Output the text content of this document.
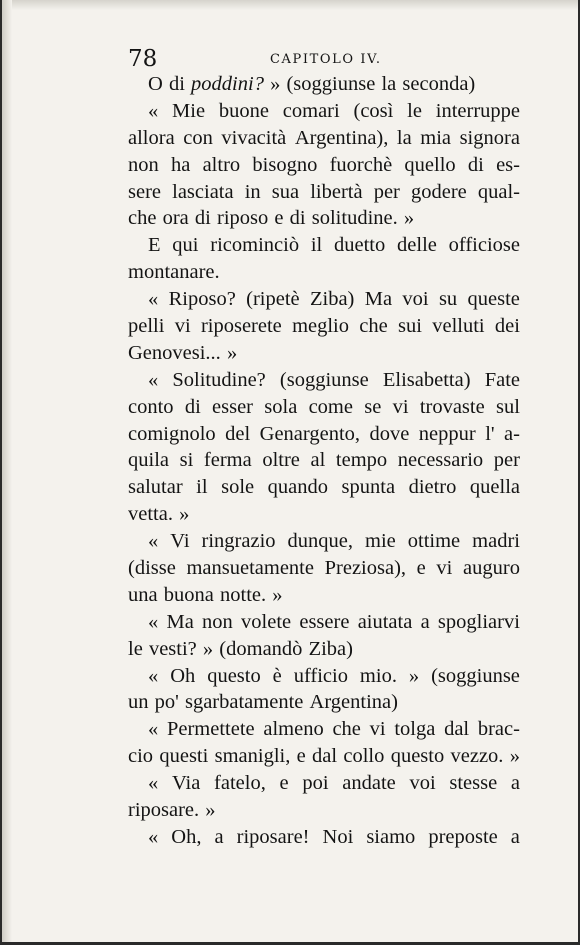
78	CAPITOLO IV.
O di poddini? » (soggiunse la seconda)
« Mie buone comari (così le interruppe
allora con vivacità Argentina), la mia signora
non ha altro bisogno fuorchè quello di es-
sere lasciata in sua libertà per godere qual-
che ora di riposo e di solitudine. »
E qui ricominciò il duetto delle officiose
montanare.
« Riposo? (ripetè Ziba) Ma voi su queste
pelli vi riposerete meglio che sui velluti dei
Genovesi... »
« Solitudine? (soggiunse Elisabetta) Fate
conto di esser sola come se vi trovaste sul
comignolo del Genargento, dove neppur l' a-
quila si ferma oltre al tempo necessario per
salutar il sole quando spunta dietro quella
vetta. »
« Vi ringrazio dunque, mie ottime madri
(disse mansuetamente Preziosa), e vi auguro
una buona notte. »
« Ma non volete essere aiutata a spogliarvi
le vesti? » (domandò Ziba)
« Oh questo è ufficio mio. » (soggiunse
un po' sgarbatamente Argentina)
« Permettete almeno che vi tolga dal brac-
cio questi smanigli, e dal collo questo vezzo. »
« Via fatelo, e poi andate voi stesse a
riposare. »
« Oh, a riposare! Noi siamo preposte a
